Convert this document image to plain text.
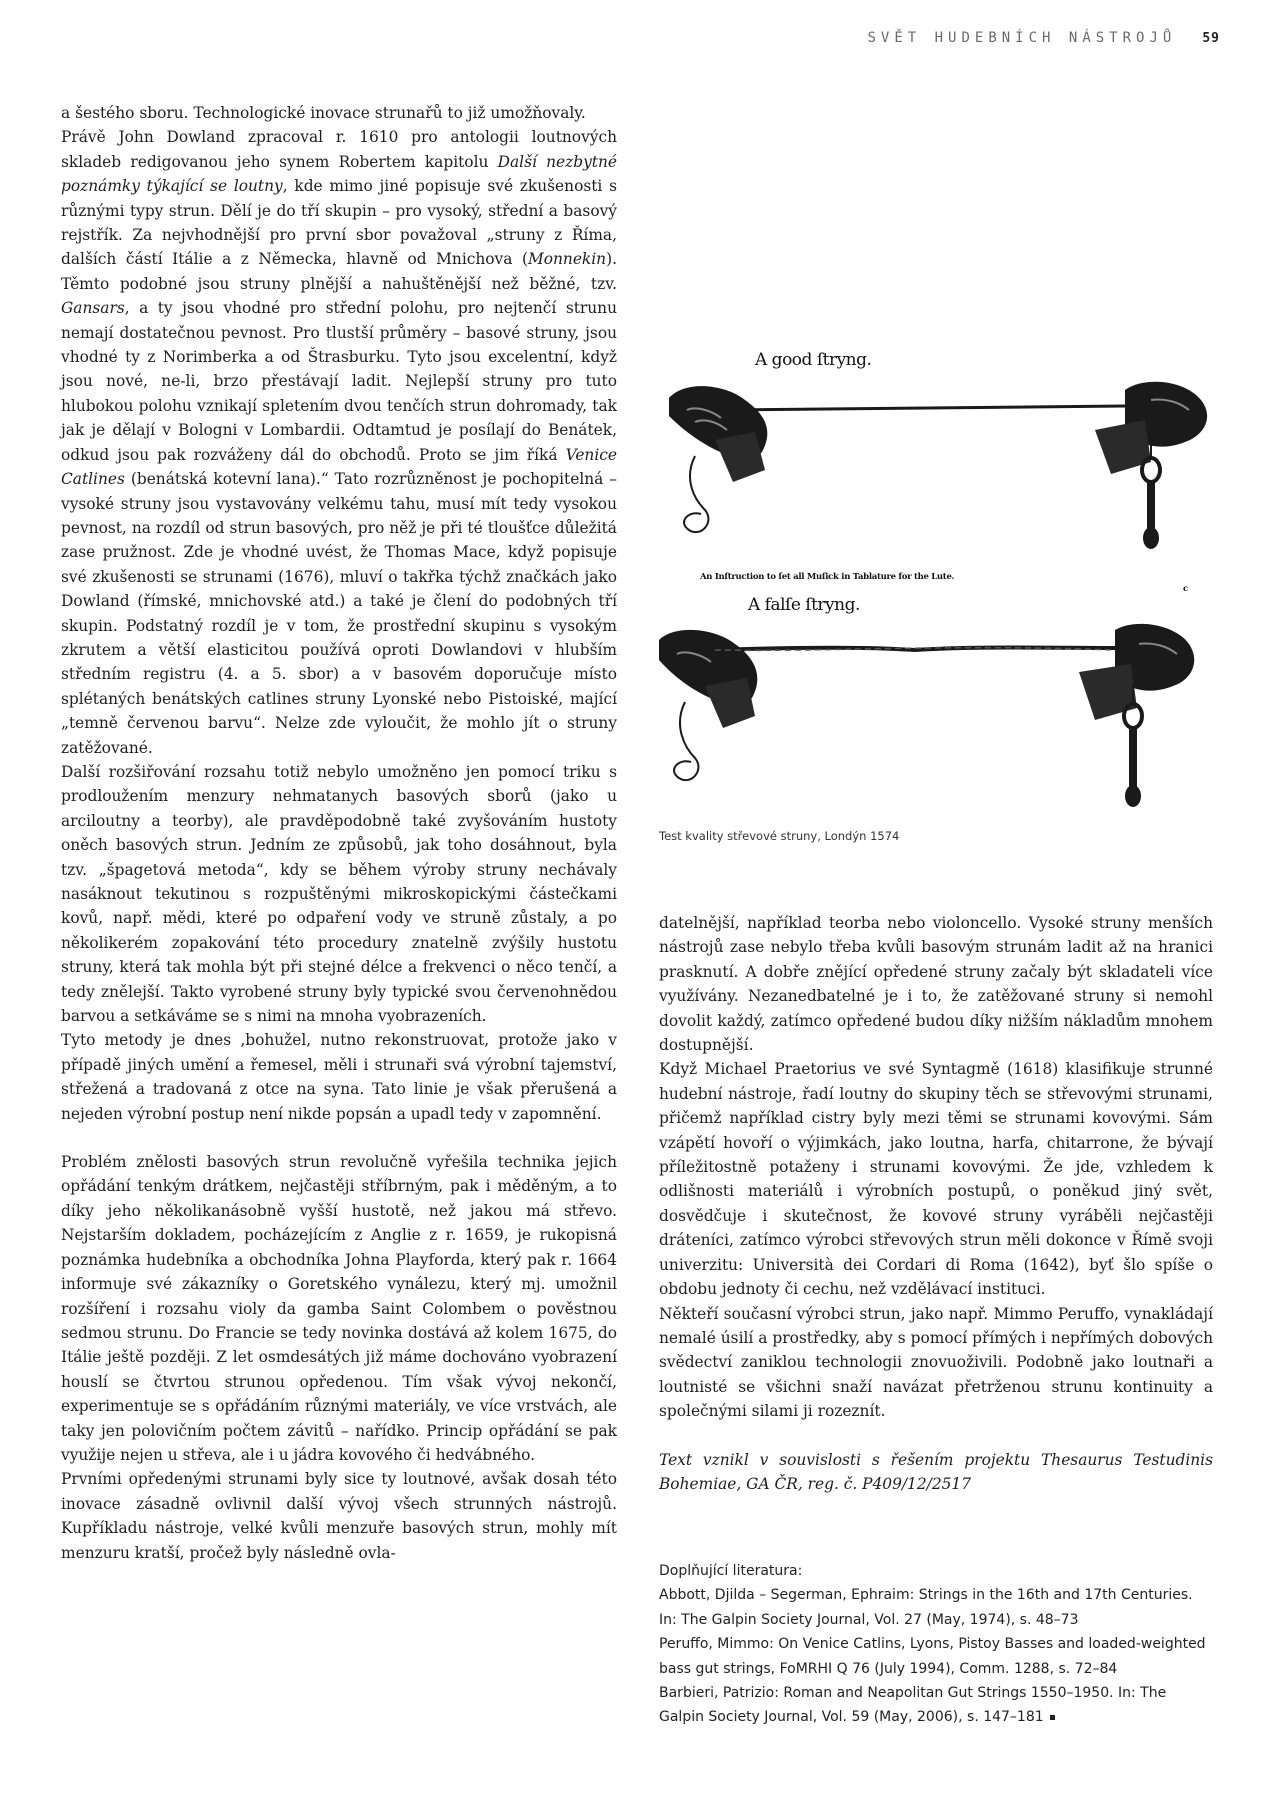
SVĚT HUDEBNÍCH NÁSTROJŮ 59

a šestého sboru. Technologické inovace strunařů to již umožňovaly.

Právě John Dowland zpracoval r. 1610 pro antologii loutnových skladeb redigovanou jeho synem Robertem kapitolu Další nezbytné poznámky týkající se loutny, kde mimo jiné popisuje své zkušenosti s různými typy strun. Dělí je do tří skupin – pro vysoký, střední a basový rejstřík. Za nejvhodnější pro první sbor považoval „struny z Říma, dalších částí Itálie a z Německa, hlavně od Mnichova (Monnekin). Těmto podobné jsou struny plnější a nahuštěnější než běžné, tzv. Gansars, a ty jsou vhodné pro střední polohu, pro nejtenčí strunu nemají dostatečnou pevnost. Pro tlustší průměry – basové struny, jsou vhodné ty z Norimberka a od Štrasburku. Tyto jsou excelentní, když jsou nové, ne-li, brzo přestávají ladit. Nejlepší struny pro tuto hlubokou polohu vznikají spletením dvou tenčích strun dohromady, tak jak je dělají v Bologni v Lombardii. Odtamtud je posílají do Benátek, odkud jsou pak rozváženy dál do obchodů. Proto se jim říká Venice Catlines (benátská kotevní lana).“ Tato rozrůzněnost je pochopitelná – vysoké struny jsou vystavovány velkému tahu, musí mít tedy vysokou pevnost, na rozdíl od strun basových, pro něž je při té tloušťce důležitá zase pružnost. Zde je vhodné uvést, že Thomas Mace, když popisuje své zkušenosti se strunami (1676), mluví o takřka týchž značkách jako Dowland (římské, mnichovské atd.) a také je člení do podobných tří skupin. Podstatný rozdíl je v tom, že prostřední skupinu s vysokým zkrutem a větší elasticitou používá oproti Dowlandovi v hlubším středním registru (4. a 5. sbor) a v basovém doporučuje místo splétaných benátských catlines struny Lyonské nebo Pistoiské, mající „temně červenou barvu“. Nelze zde vyloučit, že mohlo jít o struny zatěžované.

Další rozšiřování rozsahu totiž nebylo umožněno jen pomocí triku s prodloužením menzury nehmatanych basových sborů (jako u arciloutny a teorby), ale pravděpodobně také zvyšováním hustoty oněch basových strun. Jedním ze způsobů, jak toho dosáhnout, byla tzv. „špagetová metoda“, kdy se během výroby struny nechávaly nasáknout tekutinou s rozpuštěnými mikroskopickými částečkami kovů, např. mědi, které po odpaření vody ve struně zůstaly, a po několikerém zopakování této procedury znatelně zvýšily hustotu struny, která tak mohla být při stejné délce a frekvenci o něco tenčí, a tedy znělejší. Takto vyrobené struny byly typické svou červenohnědou barvou a setkáváme se s nimi na mnoha vyobrazeních.

Tyto metody je dnes ‚bohužel, nutno rekonstruovat, protože jako v případě jiných umění a řemesel, měli i strunaři svá výrobní tajemství, střežená a tradovaná z otce na syna. Tato linie je však přerušená a nejeden výrobní postup není nikde popsán a upadl tedy v zapomnění.

Problém znělosti basových strun revolučně vyřešila technika jejich opřádání tenkým drátkem, nejčastěji stříbrným, pak i měděným, a to díky jeho několikanásobně vyšší hustotě, než jakou má střevo. Nejstarším dokladem, pocházejícím z Anglie z r. 1659, je rukopisná poznámka hudebníka a obchodníka Johna Playforda, který pak r. 1664 informuje své zákazníky o Goretského vynálezu, který mj. umožnil rozšíření i rozsahu violy da gamba Saint Colombem o pověstnou sedmou strunu. Do Francie se tedy novinka dostává až kolem 1675, do Itálie ještě později. Z let osmdesátých již máme dochováno vyobrazení houslí se čtvrtou strunou opředenou. Tím však vývoj nekončí, experimentuje se s opřádáním různými materiály, ve více vrstvách, ale taky jen polovičním počtem závitů – nařídko. Princip opřádání se pak využije nejen u střeva, ale i u jádra kovového či hedvábného.

Prvními opředenými strunami byly sice ty loutnové, avšak dosah této inovace zásadně ovlivnil další vývoj všech strunných nástrojů. Kupříkladu nástroje, velké kvůli menzuře basových strun, mohly mít menzuru kratší, pročež byly následně ovla-

A good ſtryng.
An Inſtruction to ſet all Muſick in Tablature for the Lute.
c
A falſe ſtryng.
Test kvality střevové struny, Londýn 1574

datelnější, například teorba nebo violoncello. Vysoké struny menších nástrojů zase nebylo třeba kvůli basovým strunám ladit až na hranici prasknutí. A dobře znějící opředené struny začaly být skladateli více využívány. Nezanedbatelné je i to, že zatěžované struny si nemohl dovolit každý, zatímco opředené budou díky nižším nákladům mnohem dostupnější.

Když Michael Praetorius ve své Syntagmě (1618) klasifikuje strunné hudební nástroje, řadí loutny do skupiny těch se střevovými strunami, přičemž například cistry byly mezi těmi se strunami kovovými. Sám vzápětí hovoří o výjimkách, jako loutna, harfa, chitarrone, že bývají příležitostně potaženy i strunami kovovými. Že jde, vzhledem k odlišnosti materiálů i výrobních postupů, o poněkud jiný svět, dosvědčuje i skutečnost, že kovové struny vyráběli nejčastěji dráteníci, zatímco výrobci střevových strun měli dokonce v Římě svoji univerzitu: Università dei Cordari di Roma (1642), byť šlo spíše o obdobu jednoty či cechu, než vzdělávací instituci.

Někteří současní výrobci strun, jako např. Mimmo Peruffo, vynakládají nemalé úsilí a prostředky, aby s pomocí přímých i nepřímých dobových svědectví zaniklou technologii znovuoživili. Podobně jako loutnaři a loutnisté se všichni snaží navázat přetrženou strunu kontinuity a společnými silami ji rozeznít.

Text vznikl v souvislosti s řešením projektu Thesaurus Testudinis Bohemiae, GA ČR, reg. č. P409/12/2517

Doplňující literatura:

Abbott, Djilda – Segerman, Ephraim: Strings in the 16th and 17th Centuries. In: The Galpin Society Journal, Vol. 27 (May, 1974), s. 48–73

Peruffo, Mimmo: On Venice Catlins, Lyons, Pistoy Basses and loaded-weighted bass gut strings, FoMRHI Q 76 (July 1994), Comm. 1288, s. 72–84

Barbieri, Patrizio: Roman and Neapolitan Gut Strings 1550–1950. In: The Galpin Society Journal, Vol. 59 (May, 2006), s. 147–181
